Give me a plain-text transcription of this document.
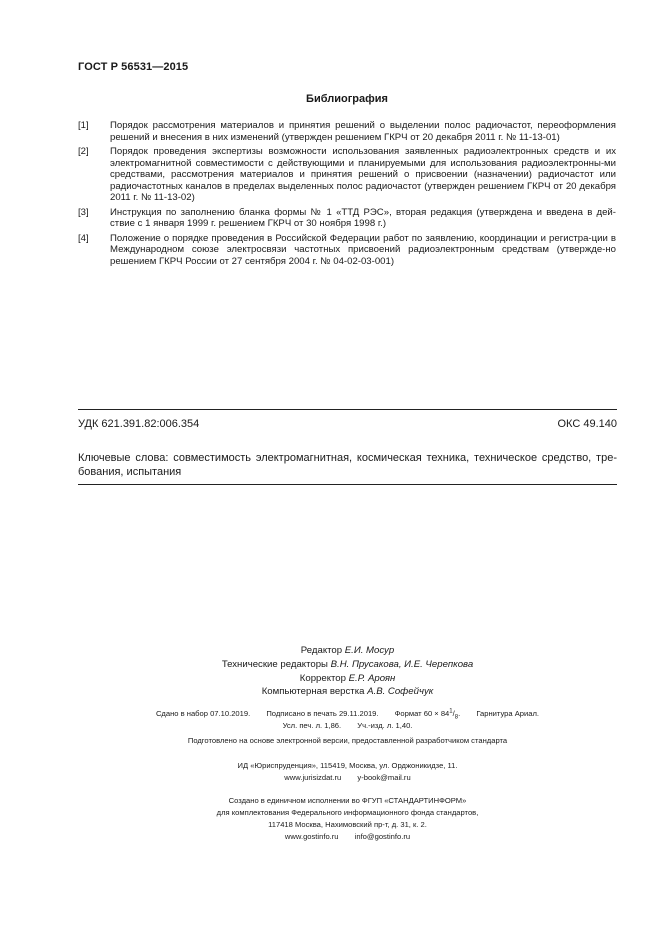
ГОСТ Р 56531—2015
Библиография
[1] Порядок рассмотрения материалов и принятия решений о выделении полос радиочастот, переоформления решений и внесения в них изменений (утвержден решением ГКРЧ от 20 декабря 2011 г. № 11-13-01)
[2] Порядок проведения экспертизы возможности использования заявленных радиоэлектронных средств и их электромагнитной совместимости с действующими и планируемыми для использования радиоэлектронны-ми средствами, рассмотрения материалов и принятия решений о присвоении (назначении) радиочастот или радиочастотных каналов в пределах выделенных полос радиочастот (утвержден решением ГКРЧ от 20 декабря 2011 г. № 11-13-02)
[3] Инструкция по заполнению бланка формы № 1 «ТТД РЭС», вторая редакция (утверждена и введена в дей-ствие с 1 января 1999 г. решением ГКРЧ от 30 ноября 1998 г.)
[4] Положение о порядке проведения в Российской Федерации работ по заявлению, координации и регистра-ции в Международном союзе электросвязи частотных присвоений радиоэлектронным средствам (утвержде-но решением ГКРЧ России от 27 сентября 2004 г. № 04-02-03-001)
УДК 621.391.82:006.354	ОКС 49.140
Ключевые слова: совместимость электромагнитная, космическая техника, техническое средство, тре-бования, испытания
Редактор Е.И. Мосур
Технические редакторы В.Н. Прусакова, И.Е. Черепкова
Корректор Е.Р. Ароян
Компьютерная верстка А.В. Софейчук
Сдано в набор 07.10.2019. Подписано в печать 29.11.2019. Формат $60 \times 84^1/_8$. Гарнитура Ариал.
Усл. печ. л. 1,86. Уч.-изд. л. 1,40.
Подготовлено на основе электронной версии, предоставленной разработчиком стандарта
ИД «Юриспруденция», 115419, Москва, ул. Орджоникидзе, 11.
www.jurisizdat.ru y-book@mail.ru
Создано в единичном исполнении во ФГУП «СТАНДАРТИНФОРМ»
для комплектования Федерального информационного фонда стандартов,
117418 Москва, Нахимовский пр-т, д. 31, к. 2.
www.gostinfo.ru info@gostinfo.ru
